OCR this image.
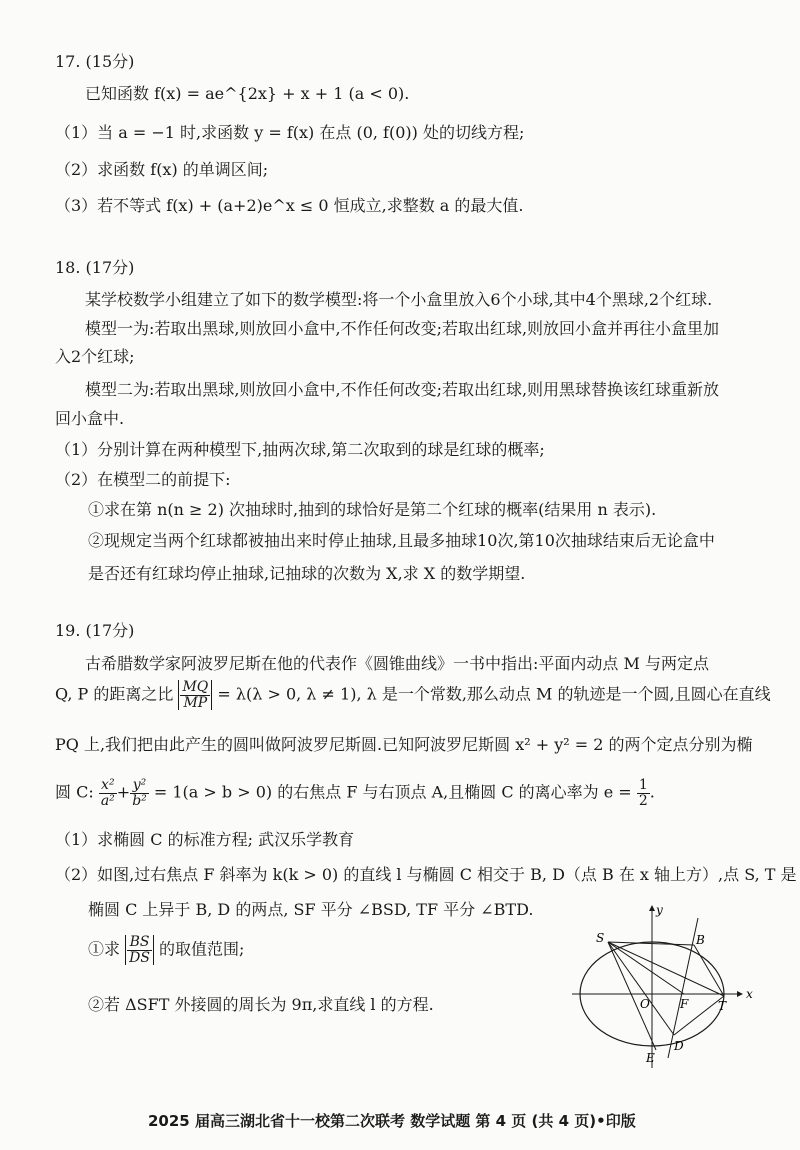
17. (15分)
已知函数 f(x) = ae^{2x} + x + 1 (a < 0).
（1）当 a = −1 时,求函数 y = f(x) 在点 (0, f(0)) 处的切线方程;
（2）求函数 f(x) 的单调区间;
（3）若不等式 f(x) + (a+2)e^x ≤ 0 恒成立,求整数 a 的最大值.
18. (17分)
某学校数学小组建立了如下的数学模型:将一个小盒里放入6个小球,其中4个黑球,2个红球.
模型一为:若取出黑球,则放回小盒中,不作任何改变;若取出红球,则放回小盒并再往小盒里加
入2个红球;
模型二为:若取出黑球,则放回小盒中,不作任何改变;若取出红球,则用黑球替换该红球重新放
回小盒中.
（1）分别计算在两种模型下,抽两次球,第二次取到的球是红球的概率;
（2）在模型二的前提下:
①求在第 n(n ≥ 2) 次抽球时,抽到的球恰好是第二个红球的概率(结果用 n 表示).
②现规定当两个红球都被抽出来时停止抽球,且最多抽球10次,第10次抽球结束后无论盒中
是否还有红球均停止抽球,记抽球的次数为 X,求 X 的数学期望.
19. (17分)
古希腊数学家阿波罗尼斯在他的代表作《圆锥曲线》一书中指出:平面内动点 M 与两定点
Q, P 的距离之比 $\frac{MQ}{MP} = \lambda(\lambda > 0$, λ ≠ 1), λ 是一个常数,那么动点 M 的轨迹是一个圆,且圆心在直线
PQ 上,我们把由此产生的圆叫做阿波罗尼斯圆.已知阿波罗尼斯圆 x² + y² = 2 的两个定点分别为椭
圆 C: $\frac{\text{x²}}{\text{a²}} + \frac{\text{y²}}{\text{b²}} = 1(a > b > 0)$ 的右焦点 F 与右顶点 A,且椭圆 C 的离心率为 $e = \frac{1}{2}$ .
（1）求椭圆 C 的标准方程; 武汉乐学教育
（2）如图,过右焦点 F 斜率为 k(k > 0) 的直线 l 与椭圆 C 相交于 B, D（点 B 在 x 轴上方）,点 S, T 是
椭圆 C 上异于 B, D 的两点, SF 平分 ∠BSD, TF 平分 ∠BTD.
①求 $\frac{BS}{DS}$ 的取值范围;
②若 ΔSFT 外接圆的周长为 9π,求直线 l 的方程.
y
x
S	B
O	F T
E
D
2025 届高三湖北省十一校第二次联考 数学试题 第 4 页 (共 4 页)•印版
